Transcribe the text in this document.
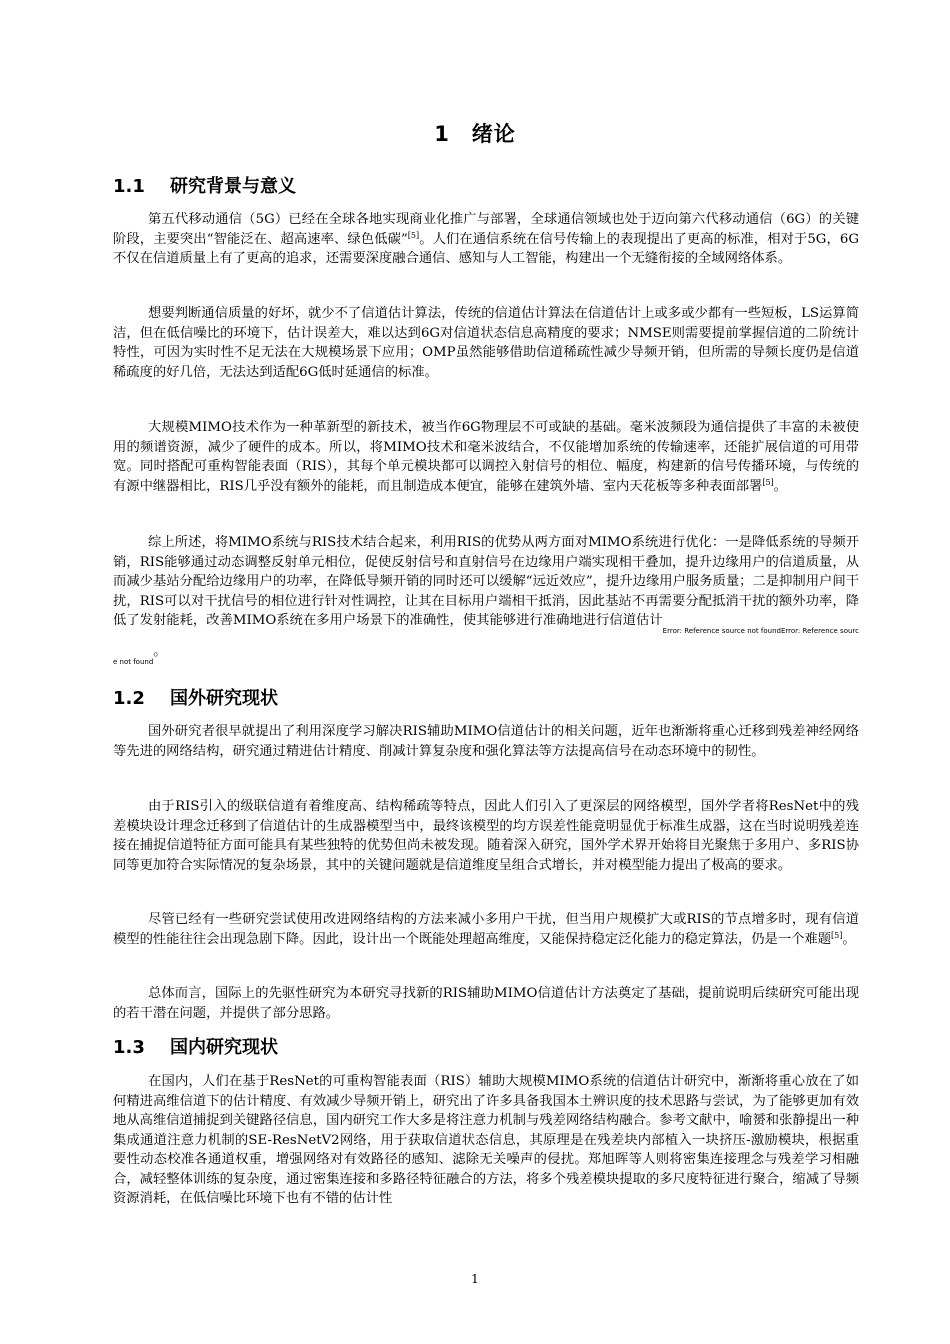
1　绪论
1.1 研究背景与意义

第五代移动通信（5G）已经在全球各地实现商业化推广与部署，全球通信领域也处于迈向第六代移动通信（6G）的关键阶段，主要突出“智能泛在、超高速率、绿色低碳”[5]。人们在通信系统在信号传输上的表现提出了更高的标准，相对于5G，6G不仅在信道质量上有了更高的追求，还需要深度融合通信、感知与人工智能，构建出一个无缝衔接的全域网络体系。

想要判断通信质量的好坏，就少不了信道估计算法，传统的信道估计算法在信道估计上或多或少都有一些短板，LS运算简洁，但在低信噪比的环境下，估计误差大，难以达到6G对信道状态信息高精度的要求；NMSE则需要提前掌握信道的二阶统计特性，可因为实时性不足无法在大规模场景下应用；OMP虽然能够借助信道稀疏性减少导频开销，但所需的导频长度仍是信道稀疏度的好几倍，无法达到适配6G低时延通信的标准。

大规模MIMO技术作为一种革新型的新技术，被当作6G物理层不可或缺的基础。毫米波频段为通信提供了丰富的未被使用的频谱资源，减少了硬件的成本。所以，将MIMO技术和毫米波结合，不仅能增加系统的传输速率，还能扩展信道的可用带宽。同时搭配可重构智能表面（RIS），其每个单元模块都可以调控入射信号的相位、幅度，构建新的信号传播环境，与传统的有源中继器相比，RIS几乎没有额外的能耗，而且制造成本便宜，能够在建筑外墙、室内天花板等多种表面部署[5]。

综上所述，将MIMO系统与RIS技术结合起来，利用RIS的优势从两方面对MIMO系统进行优化：一是降低系统的导频开销，RIS能够通过动态调整反射单元相位，促使反射信号和直射信号在边缘用户端实现相干叠加，提升边缘用户的信道质量，从而减少基站分配给边缘用户的功率，在降低导频开销的同时还可以缓解“远近效应”，提升边缘用户服务质量；二是抑制用户间干扰，RIS可以对干扰信号的相位进行针对性调控，让其在目标用户端相干抵消，因此基站不再需要分配抵消干扰的额外功率，降低了发射能耗，改善MIMO系统在多用户场景下的准确性，使其能够进行准确地进行信道估计$_{Error: Reference source not foundError: Reference source not found}$。

1.2 国外研究现状

国外研究者很早就提出了利用深度学习解决RIS辅助MIMO信道估计的相关问题，近年也渐渐将重心迁移到残差神经网络等先进的网络结构，研究通过精进估计精度、削减计算复杂度和强化算法等方法提高信号在动态环境中的韧性。

由于RIS引入的级联信道有着维度高、结构稀疏等特点，因此人们引入了更深层的网络模型，国外学者将ResNet中的残差模块设计理念迁移到了信道估计的生成器模型当中，最终该模型的均方误差性能竟明显优于标准生成器，这在当时说明残差连接在捕捉信道特征方面可能具有某些独特的优势但尚未被发现。随着深入研究，国外学术界开始将目光聚焦于多用户、多RIS协同等更加符合实际情况的复杂场景，其中的关键问题就是信道维度呈组合式增长，并对模型能力提出了极高的要求。

尽管已经有一些研究尝试使用改进网络结构的方法来减小多用户干扰，但当用户规模扩大或RIS的节点增多时，现有信道模型的性能往往会出现急剧下降。因此，设计出一个既能处理超高维度，又能保持稳定泛化能力的稳定算法，仍是一个难题[5]。

总体而言，国际上的先驱性研究为本研究寻找新的RIS辅助MIMO信道估计方法奠定了基础，提前说明后续研究可能出现的若干潜在问题，并提供了部分思路。

1.3 国内研究现状

在国内，人们在基于ResNet的可重构智能表面（RIS）辅助大规模MIMO系统的信道估计研究中，渐渐将重心放在了如何精进高维信道下的估计精度、有效减少导频开销上，研究出了许多具备我国本土辨识度的技术思路与尝试，为了能够更加有效地从高维信道捕捉到关键路径信息，国内研究工作大多是将注意力机制与残差网络结构融合。参考文献中，喻赟和张静提出一种集成通道注意力机制的SE-ResNetV2网络，用于获取信道状态信息，其原理是在残差块内部植入一块挤压-激励模块，根据重要性动态校准各通道权重，增强网络对有效路径的感知、滤除无关噪声的侵扰。郑旭晖等人则将密集连接理念与残差学习相融合，减轻整体训练的复杂度，通过密集连接和多路径特征融合的方法，将多个残差模块提取的多尺度特征进行聚合，缩减了导频资源消耗，在低信噪比环境下也有不错的估计性

1
